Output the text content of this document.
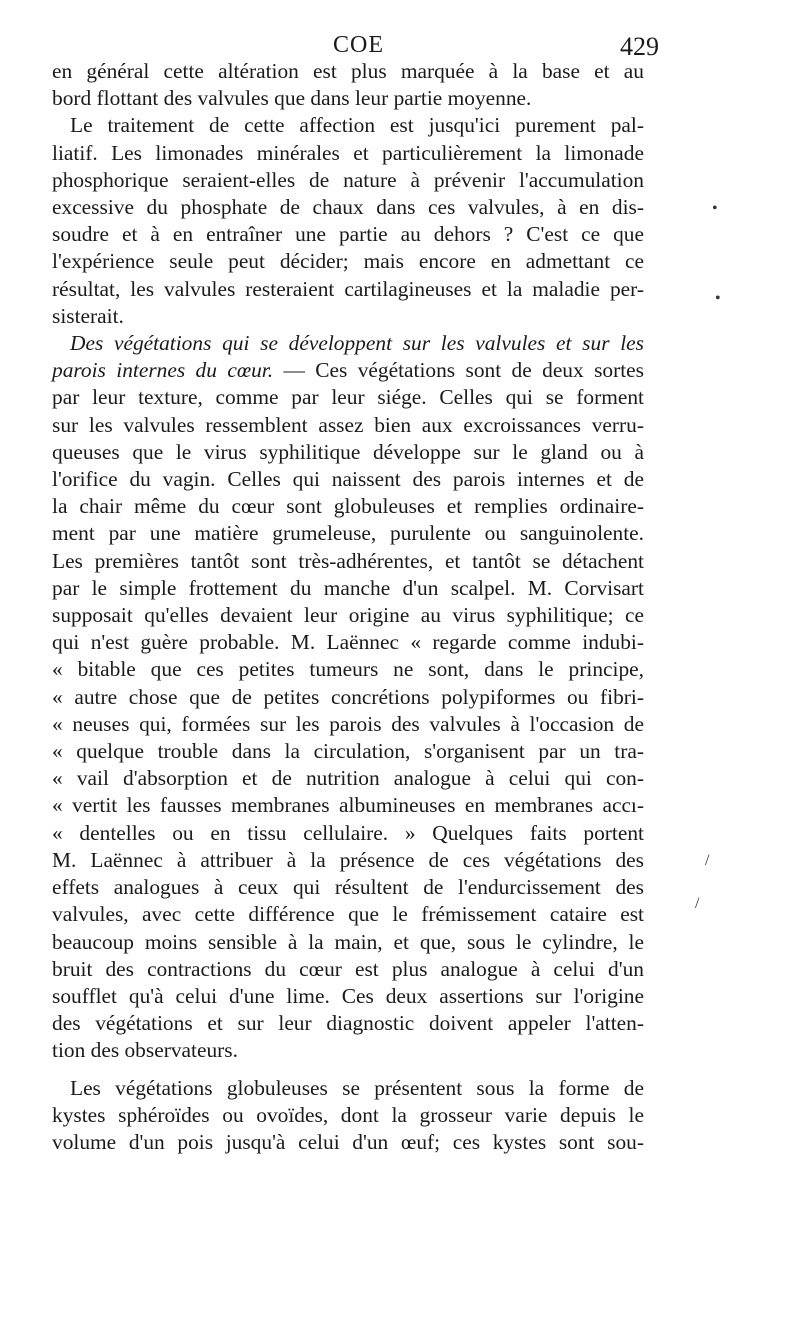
COE	429

en général cette altération est plus marquée à la base et au
bord flottant des valvules que dans leur partie moyenne.

Le traitement de cette affection est jusqu'ici purement pal-
liatif. Les limonades minérales et particulièrement la limonade
phosphorique seraient-elles de nature à prévenir l'accumulation
excessive du phosphate de chaux dans ces valvules, à en dis-
soudre et à en entraîner une partie au dehors ? C'est ce que
l'expérience seule peut décider; mais encore en admettant ce
résultat, les valvules resteraient cartilagineuses et la maladie per-
sisterait.

Des végétations qui se développent sur les valvules et sur les
parois internes du cœur. — Ces végétations sont de deux sortes
par leur texture, comme par leur siége. Celles qui se forment
sur les valvules ressemblent assez bien aux excroissances verru-
queuses que le virus syphilitique développe sur le gland ou à
l'orifice du vagin. Celles qui naissent des parois internes et de
la chair même du cœur sont globuleuses et remplies ordinaire-
ment par une matière grumeleuse, purulente ou sanguinolente.
Les premières tantôt sont très-adhérentes, et tantôt se détachent
par le simple frottement du manche d'un scalpel. M. Corvisart
supposait qu'elles devaient leur origine au virus syphilitique; ce
qui n'est guère probable. M. Laënnec « regarde comme indubi-
« bitable que ces petites tumeurs ne sont, dans le principe,
« autre chose que de petites concrétions polypiformes ou fibri-
« neuses qui, formées sur les parois des valvules à l'occasion de
« quelque trouble dans la circulation, s'organisent par un tra-
« vail d'absorption et de nutrition analogue à celui qui con-
« vertit les fausses membranes albumineuses en membranes accı-
« dentelles ou en tissu cellulaire. » Quelques faits portent
M. Laënnec à attribuer à la présence de ces végétations des
effets analogues à ceux qui résultent de l'endurcissement des
valvules, avec cette différence que le frémissement cataire est
beaucoup moins sensible à la main, et que, sous le cylindre, le
bruit des contractions du cœur est plus analogue à celui d'un
soufflet qu'à celui d'une lime. Ces deux assertions sur l'origine
des végétations et sur leur diagnostic doivent appeler l'atten-
tion des observateurs.

Les végétations globuleuses se présentent sous la forme de
kystes sphéroïdes ou ovoïdes, dont la grosseur varie depuis le
volume d'un pois jusqu'à celui d'un œuf; ces kystes sont sou-

•
•
/
/
